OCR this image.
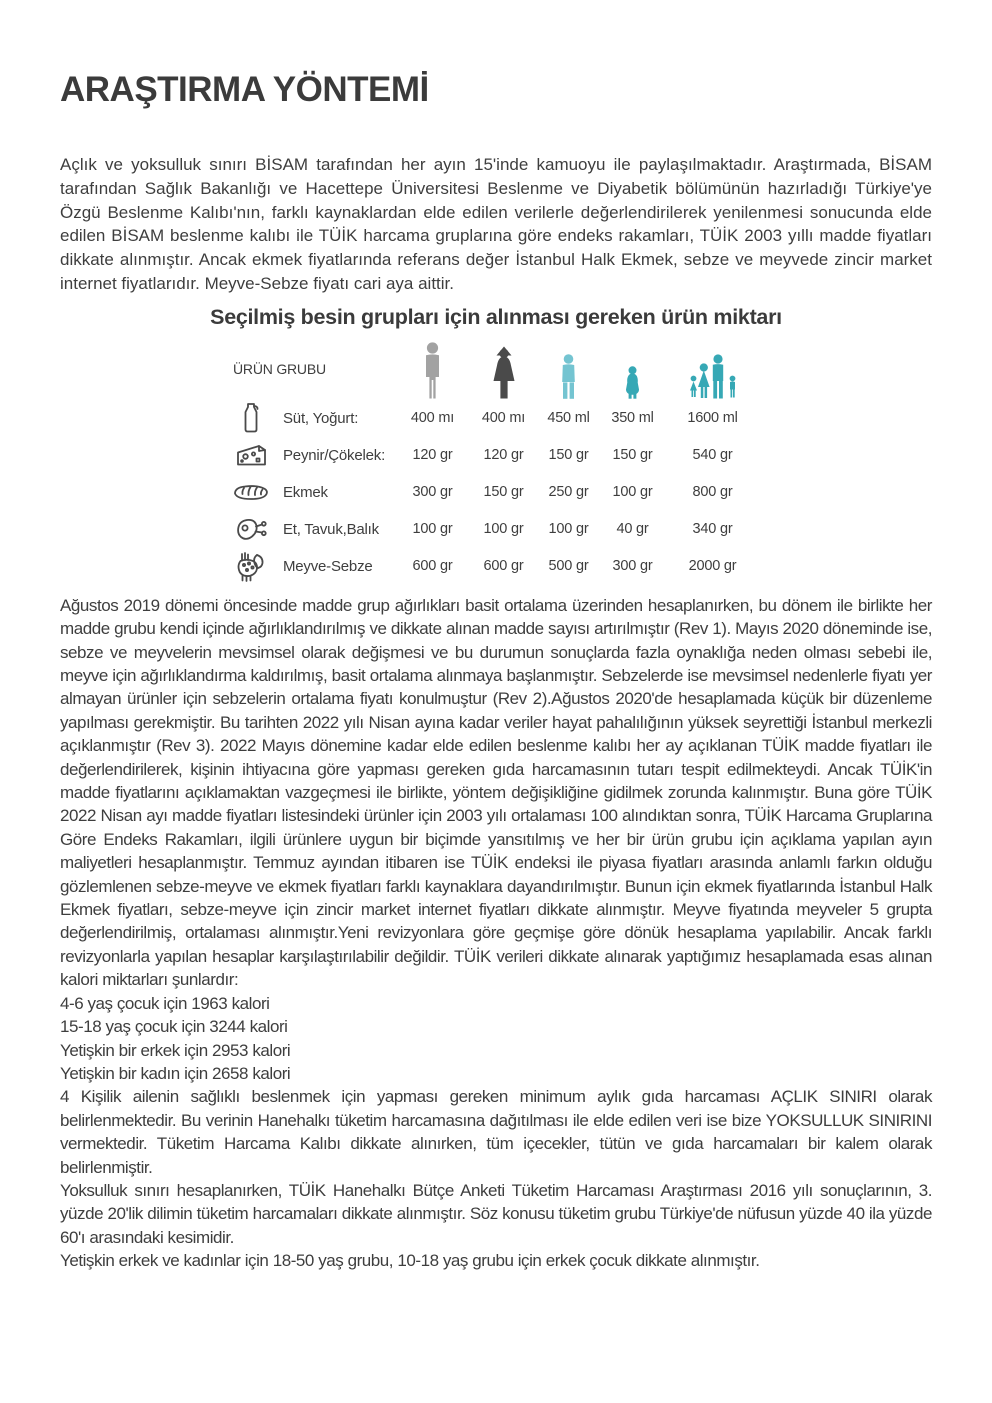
ARAŞTIRMA YÖNTEMİ

Açlık ve yoksulluk sınırı BİSAM tarafından her ayın 15'inde kamuoyu ile paylaşılmaktadır. Araştırmada, BİSAM tarafından Sağlık Bakanlığı ve Hacettepe Üniversitesi Beslenme ve Diyabetik bölümünün hazırladığı Türkiye'ye Özgü Beslenme Kalıbı'nın, farklı kaynaklardan elde edilen verilerle değerlendirilerek yenilenmesi sonucunda elde edilen BİSAM beslenme kalıbı ile TÜİK harcama gruplarına göre endeks rakamları, TÜİK 2003 yıllı madde fiyatları dikkate alınmıştır. Ancak ekmek fiyatlarında referans değer İstanbul Halk Ekmek, sebze ve meyvede zincir market internet fiyatlarıdır. Meyve-Sebze fiyatı cari aya aittir.

Seçilmiş besin grupları için alınması gereken ürün miktarı
ÜRÜN GRUBU
Süt, Yoğurt:	400 mı	400 mı	450 ml	350 ml	1600 ml
Peynir/Çökelek:	120 gr	120 gr	150 gr	150 gr	540 gr
Ekmek	300 gr	150 gr	250 gr	100 gr	800 gr
Et, Tavuk,Balık	100 gr	100 gr	100 gr	40 gr	340 gr
Meyve-Sebze	600 gr	600 gr	500 gr	300 gr	2000 gr

Ağustos 2019 dönemi öncesinde madde grup ağırlıkları basit ortalama üzerinden hesaplanırken, bu dönem ile birlikte her madde grubu kendi içinde ağırlıklandırılmış ve dikkate alınan madde sayısı artırılmıştır (Rev 1). Mayıs 2020 döneminde ise, sebze ve meyvelerin mevsimsel olarak değişmesi ve bu durumun sonuçlarda fazla oynaklığa neden olması sebebi ile, meyve için ağırlıklandırma kaldırılmış, basit ortalama alınmaya başlanmıştır. Sebzelerde ise mevsimsel nedenlerle fiyatı yer almayan ürünler için sebzelerin ortalama fiyatı konulmuştur (Rev 2).Ağustos 2020'de hesaplamada küçük bir düzenleme yapılması gerekmiştir. Bu tarihten 2022 yılı Nisan ayına kadar veriler hayat pahalılığının yüksek seyrettiği İstanbul merkezli açıklanmıştır (Rev 3). 2022 Mayıs dönemine kadar elde edilen beslenme kalıbı her ay açıklanan TÜİK madde fiyatları ile değerlendirilerek, kişinin ihtiyacına göre yapması gereken gıda harcamasının tutarı tespit edilmekteydi. Ancak TÜİK'in madde fiyatlarını açıklamaktan vazgeçmesi ile birlikte, yöntem değişikliğine gidilmek zorunda kalınmıştır. Buna göre TÜİK 2022 Nisan ayı madde fiyatları listesindeki ürünler için 2003 yılı ortalaması 100 alındıktan sonra, TÜİK Harcama Gruplarına Göre Endeks Rakamları, ilgili ürünlere uygun bir biçimde yansıtılmış ve her bir ürün grubu için açıklama yapılan ayın maliyetleri hesaplanmıştır. Temmuz ayından itibaren ise TÜİK endeksi ile piyasa fiyatları arasında anlamlı farkın olduğu gözlemlenen sebze-meyve ve ekmek fiyatları farklı kaynaklara dayandırılmıştır. Bunun için ekmek fiyatlarında İstanbul Halk Ekmek fiyatları, sebze-meyve için zincir market internet fiyatları dikkate alınmıştır. Meyve fiyatında meyveler 5 grupta değerlendirilmiş, ortalaması alınmıştır.Yeni revizyonlara göre geçmişe göre dönük hesaplama yapılabilir. Ancak farklı revizyonlarla yapılan hesaplar karşılaştırılabilir değildir. TÜİK verileri dikkate alınarak yaptığımız hesaplamada esas alınan kalori miktarları şunlardır:

4-6 yaş çocuk için 1963 kalori
15-18 yaş çocuk için 3244 kalori
Yetişkin bir erkek için 2953 kalori
Yetişkin bir kadın için 2658 kalori

4 Kişilik ailenin sağlıklı beslenmek için yapması gereken minimum aylık gıda harcaması AÇLIK SINIRI olarak belirlenmektedir. Bu verinin Hanehalkı tüketim harcamasına dağıtılması ile elde edilen veri ise bize YOKSULLUK SINIRINI vermektedir. Tüketim Harcama Kalıbı dikkate alınırken, tüm içecekler, tütün ve gıda harcamaları bir kalem olarak belirlenmiştir.

Yoksulluk sınırı hesaplanırken, TÜİK Hanehalkı Bütçe Anketi Tüketim Harcaması Araştırması 2016 yılı sonuçlarının, 3. yüzde 20'lik dilimin tüketim harcamaları dikkate alınmıştır. Söz konusu tüketim grubu Türkiye'de nüfusun yüzde 40 ila yüzde 60'ı arasındaki kesimidir.

Yetişkin erkek ve kadınlar için 18-50 yaş grubu, 10-18 yaş grubu için erkek çocuk dikkate alınmıştır.
